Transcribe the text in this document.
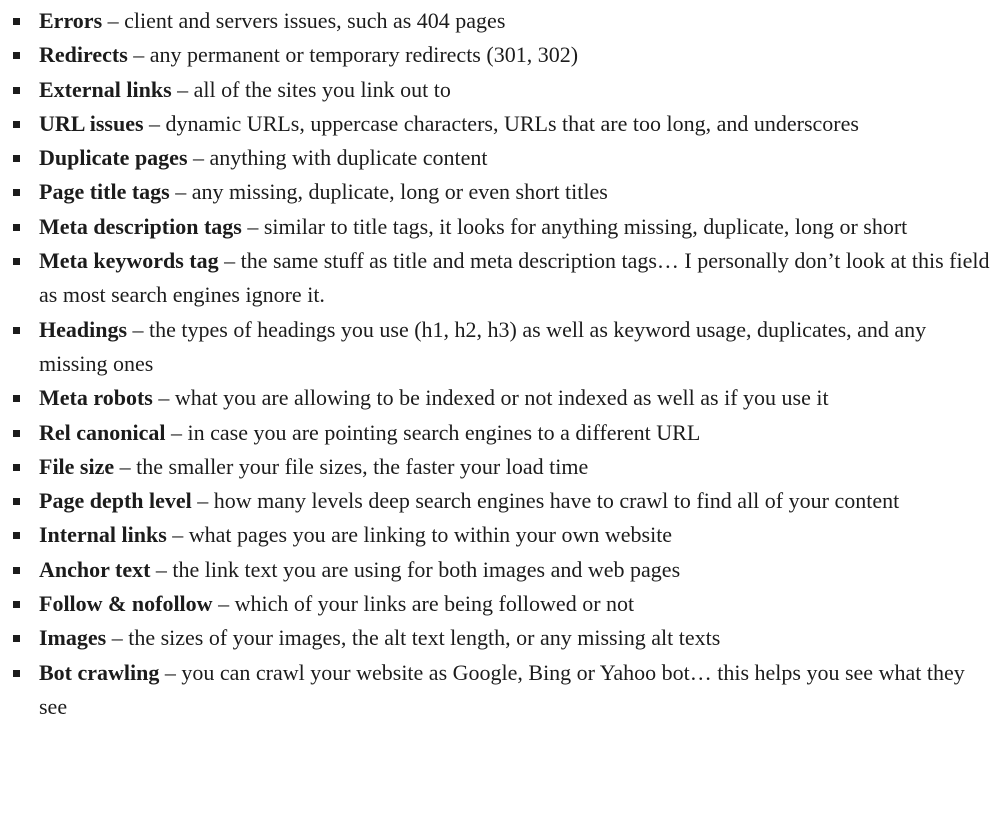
Errors – client and servers issues, such as 404 pages
Redirects – any permanent or temporary redirects (301, 302)
External links – all of the sites you link out to
URL issues – dynamic URLs, uppercase characters, URLs that are too long, and underscores
Duplicate pages – anything with duplicate content
Page title tags – any missing, duplicate, long or even short titles
Meta description tags – similar to title tags, it looks for anything missing, duplicate, long or short
Meta keywords tag – the same stuff as title and meta description tags… I personally don’t look at this field as most search engines ignore it.
Headings – the types of headings you use (h1, h2, h3) as well as keyword usage, duplicates, and any missing ones
Meta robots – what you are allowing to be indexed or not indexed as well as if you use it
Rel canonical – in case you are pointing search engines to a different URL
File size – the smaller your file sizes, the faster your load time
Page depth level – how many levels deep search engines have to crawl to find all of your content
Internal links – what pages you are linking to within your own website
Anchor text – the link text you are using for both images and web pages
Follow & nofollow – which of your links are being followed or not
Images – the sizes of your images, the alt text length, or any missing alt texts
Bot crawling – you can crawl your website as Google, Bing or Yahoo bot… this helps you see what they see
